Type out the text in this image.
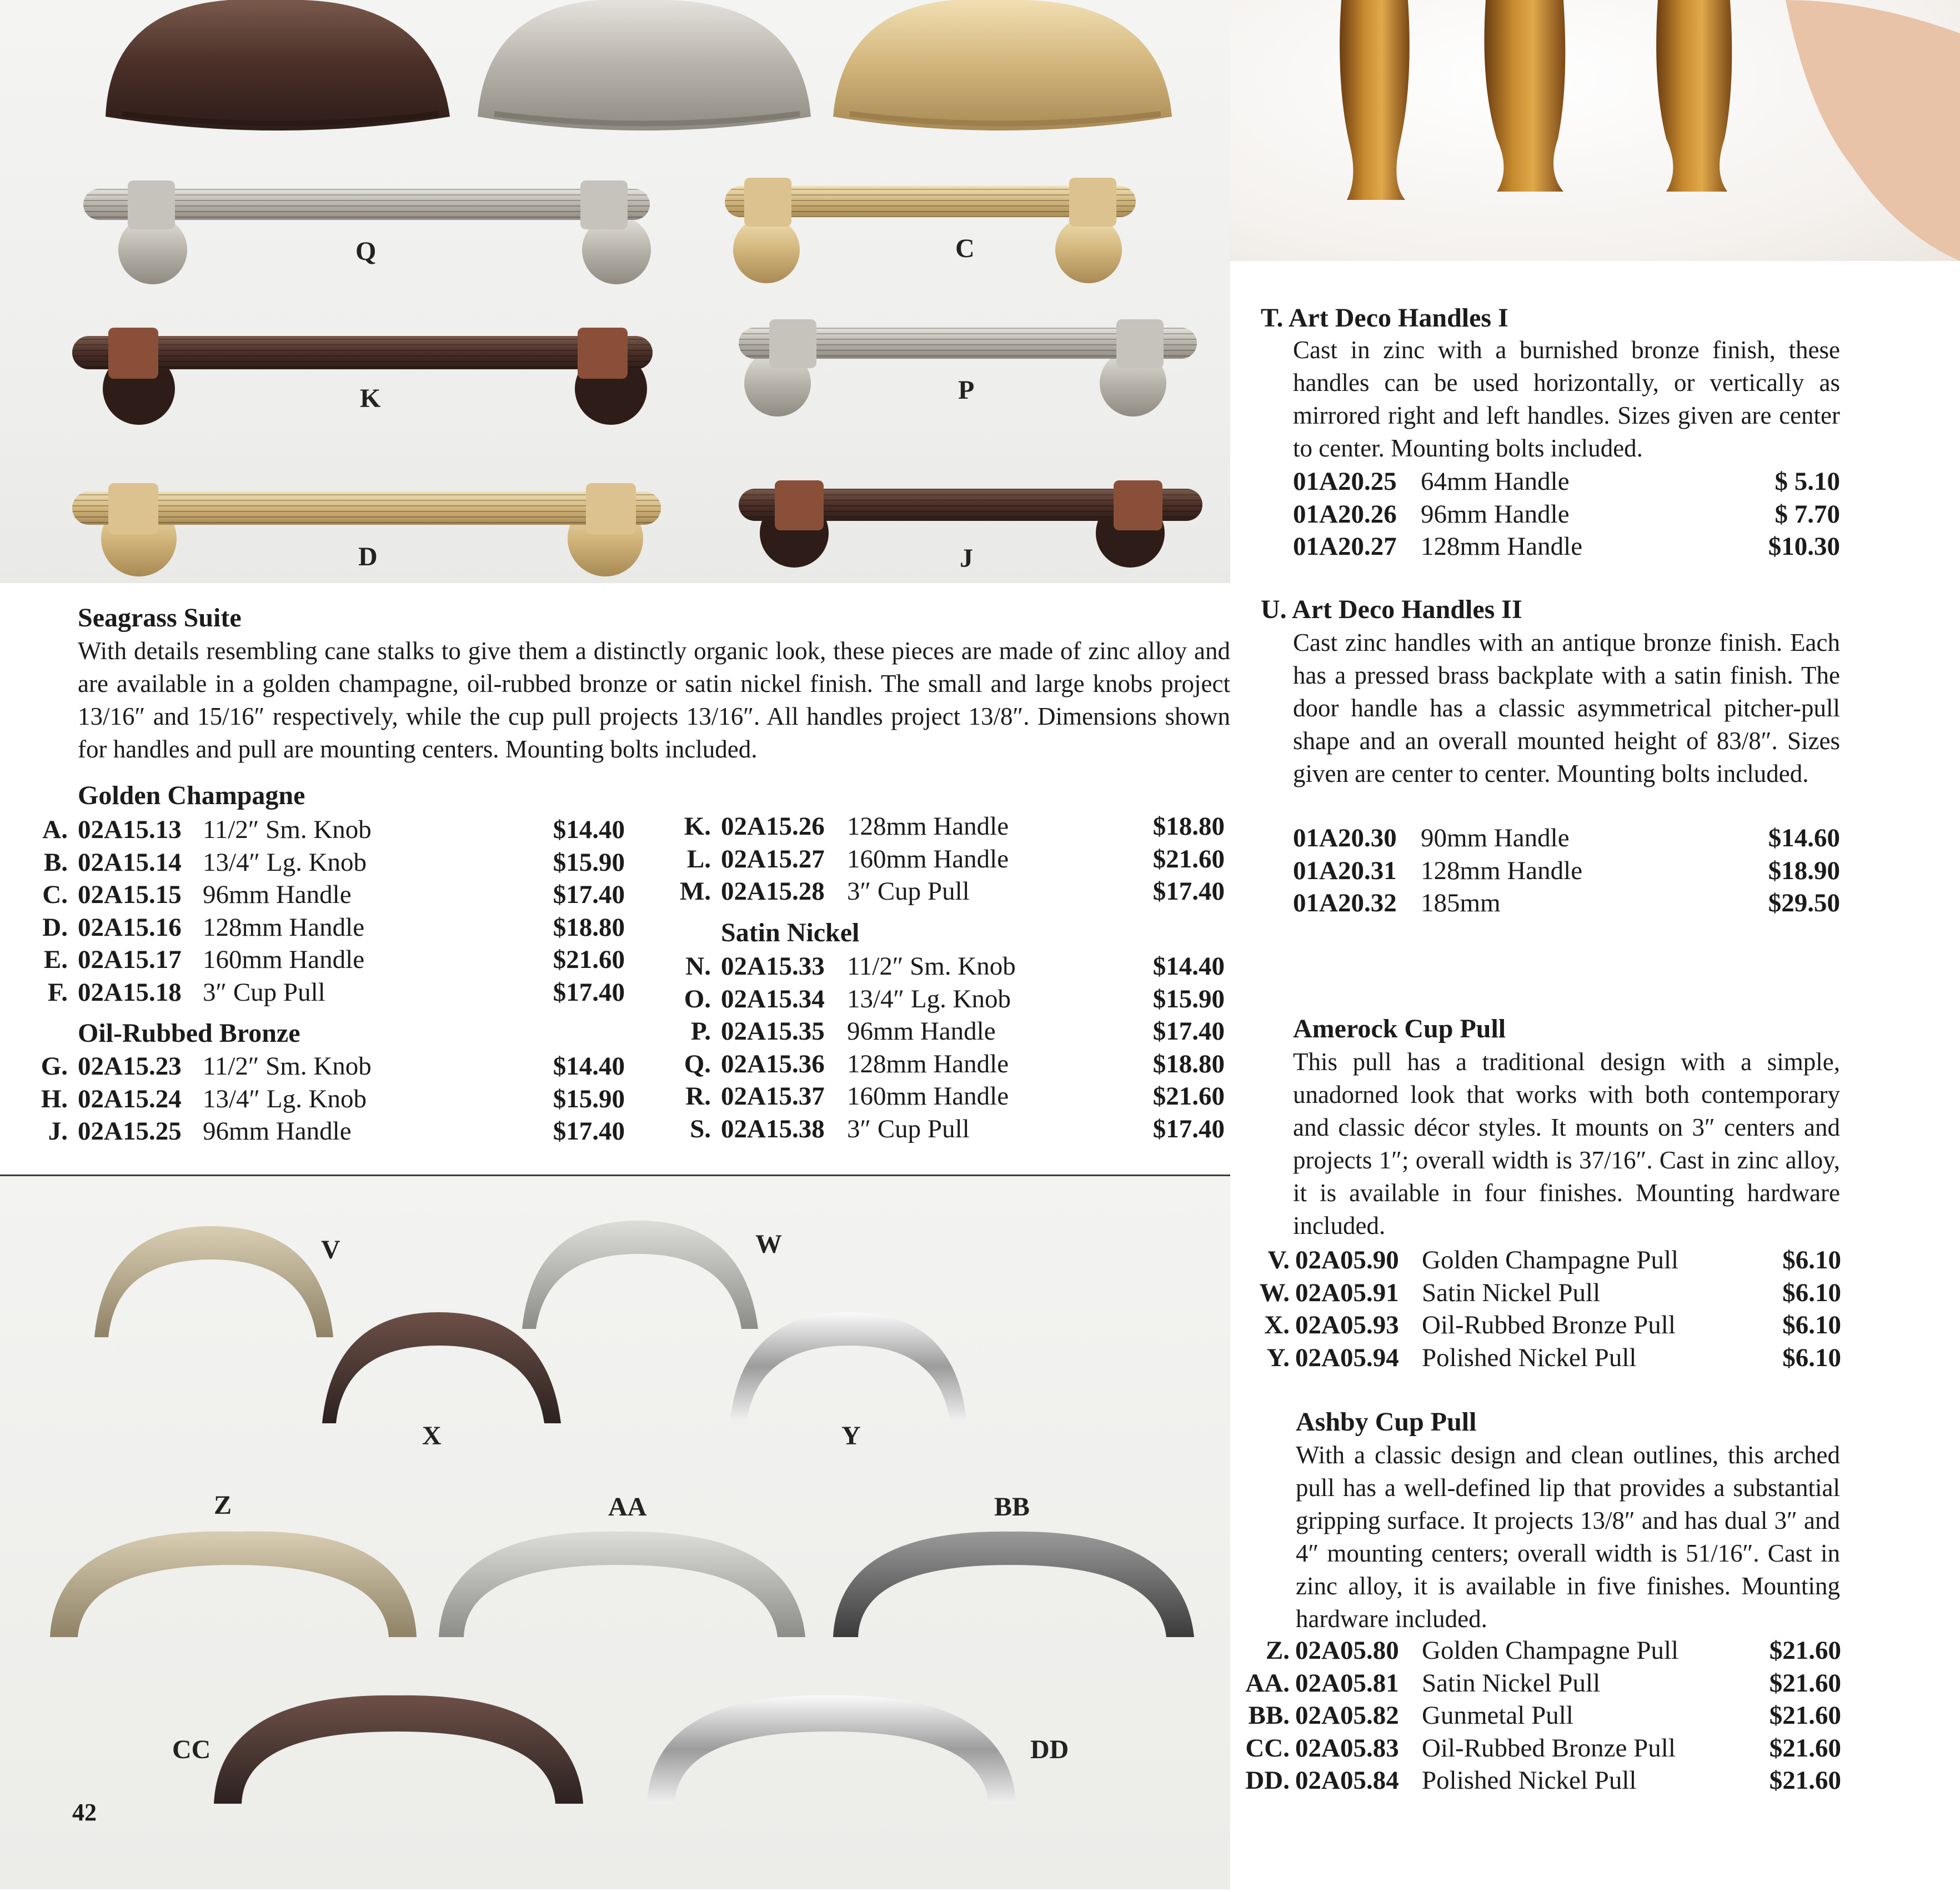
Q	C
K	P
D	J
V	W
X	Y
Z	AA	BB
CC	DD
42
Seagrass Suite
With details resembling cane stalks to give them a distinctly organic look, these pieces are made of zinc alloy and are available in a golden champagne, oil-rubbed bronze or satin nickel finish. The small and large knobs project 13/16″ and 15/16″ respectively, while the cup pull projects 13/16″. All handles project 13/8″. Dimensions shown for handles and pull are mounting centers. Mounting bolts included.
Golden Champagne
A. 02A15.13 11/2″ Sm. Knob	$14.40
B. 02A15.14 13/4″ Lg. Knob	$15.90
C. 02A15.15 96mm Handle	$17.40
D. 02A15.16 128mm Handle	$18.80
E. 02A15.17 160mm Handle	$21.60
F. 02A15.18 3″ Cup Pull	$17.40
Oil-Rubbed Bronze
G. 02A15.23 11/2″ Sm. Knob	$14.40
H. 02A15.24 13/4″ Lg. Knob	$15.90
J. 02A15.25 96mm Handle	$17.40
K. 02A15.26 128mm Handle	$18.80
L. 02A15.27 160mm Handle	$21.60
M. 02A15.28 3″ Cup Pull	$17.40
Satin Nickel
N. 02A15.33 11/2″ Sm. Knob	$14.40
O. 02A15.34 13/4″ Lg. Knob	$15.90
P. 02A15.35 96mm Handle	$17.40
Q. 02A15.36 128mm Handle	$18.80
R. 02A15.37 160mm Handle	$21.60
S. 02A15.38 3″ Cup Pull	$17.40
T. Art Deco Handles I
Cast in zinc with a burnished bronze finish, these handles can be used horizontally, or vertically as mirrored right and left handles. Sizes given are center to center. Mounting bolts included.
01A20.25 64mm Handle	$ 5.10
01A20.26 96mm Handle	$ 7.70
01A20.27 128mm Handle	$10.30
U. Art Deco Handles II
Cast zinc handles with an antique bronze finish. Each has a pressed brass backplate with a satin finish. The door handle has a classic asymmetrical pitcher-pull shape and an overall mounted height of 83/8″. Sizes given are center to center. Mounting bolts included.
01A20.30 90mm Handle	$14.60
01A20.31 128mm Handle	$18.90
01A20.32 185mm	$29.50
Amerock Cup Pull
This pull has a traditional design with a simple, unadorned look that works with both contemporary and classic décor styles. It mounts on 3″ centers and projects 1″; overall width is 37/16″. Cast in zinc alloy, it is available in four finishes. Mounting hardware included.
V. 02A05.90 Golden Champagne Pull	$6.10
W. 02A05.91 Satin Nickel Pull	$6.10
X. 02A05.93 Oil-Rubbed Bronze Pull	$6.10
Y. 02A05.94 Polished Nickel Pull	$6.10
Ashby Cup Pull
With a classic design and clean outlines, this arched pull has a well-defined lip that provides a substantial gripping surface. It projects 13/8″ and has dual 3″ and 4″ mounting centers; overall width is 51/16″. Cast in zinc alloy, it is available in five finishes. Mounting hardware included.
Z. 02A05.80 Golden Champagne Pull	$21.60
AA. 02A05.81 Satin Nickel Pull	$21.60
BB. 02A05.82 Gunmetal Pull	$21.60
CC. 02A05.83 Oil-Rubbed Bronze Pull	$21.60
DD. 02A05.84 Polished Nickel Pull	$21.60
